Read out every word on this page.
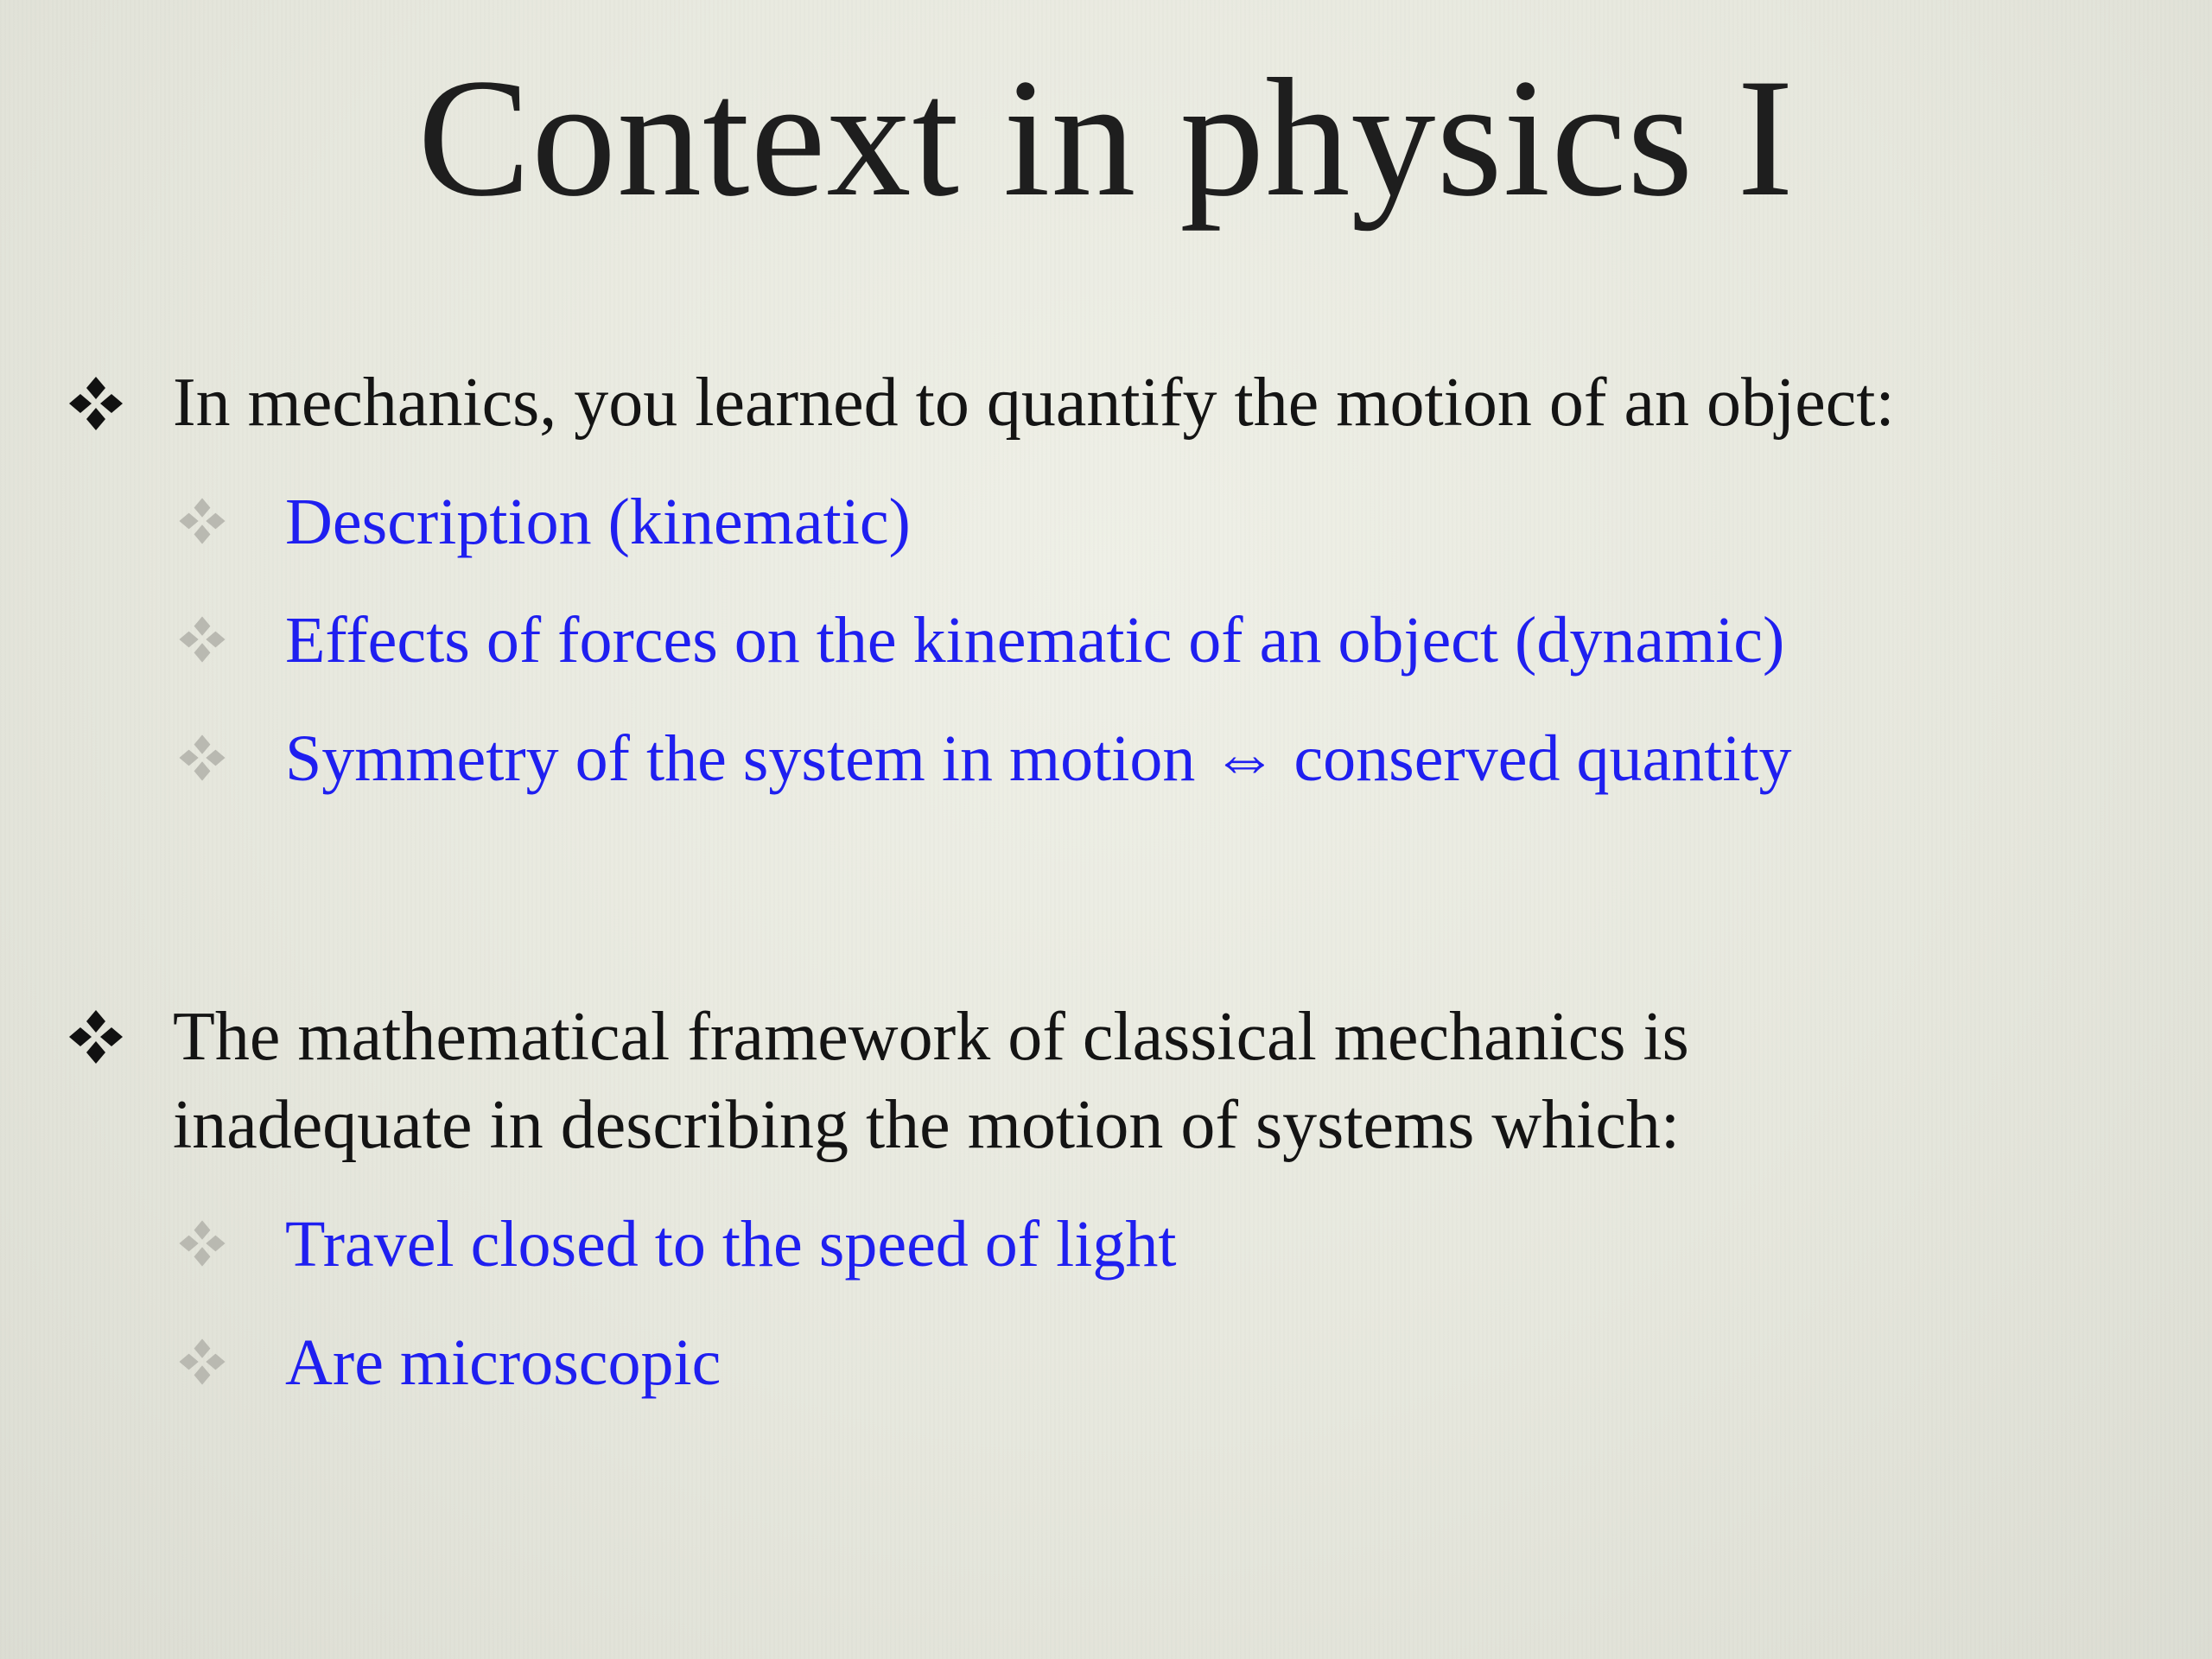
Context in physics I
In mechanics, you learned to quantify the motion of an object:
Description (kinematic)
Effects of forces on the kinematic of an object (dynamic)
Symmetry of the system in motion ⇔ conserved quantity
The mathematical framework of classical mechanics is
inadequate in describing the motion of systems which:
Travel closed to the speed of light
Are microscopic
